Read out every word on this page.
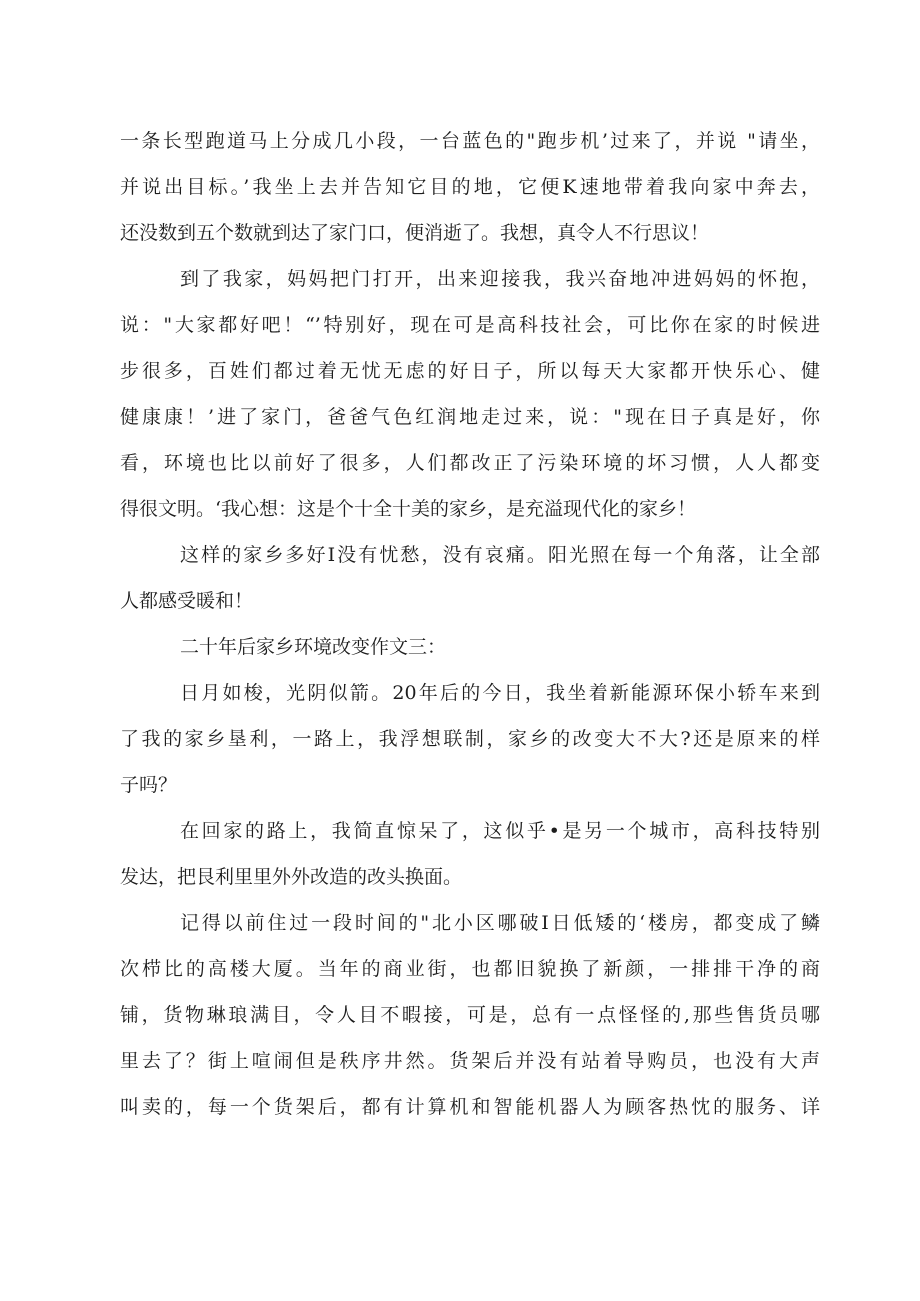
一条长型跑道马上分成几小段，一台蓝色的"跑步机’过来了，并说 "请坐，
并说出目标。’我坐上去并告知它目的地，它便K速地带着我向家中奔去，
还没数到五个数就到达了家门口，便消逝了。我想，真令人不行思议！
到了我家，妈妈把门打开，出来迎接我，我兴奋地冲进妈妈的怀抱，
说："大家都好吧！“’特别好，现在可是高科技社会，可比你在家的时候进
步很多，百姓们都过着无忧无虑的好日子，所以每天大家都开快乐心、健
健康康！’进了家门，爸爸气色红润地走过来，说："现在日子真是好，你
看，环境也比以前好了很多，人们都改正了污染环境的坏习惯，人人都变
得很文明。‘我心想：这是个十全十美的家乡，是充溢现代化的家乡！
这样的家乡多好I没有忧愁，没有哀痛。阳光照在每一个角落，让全部
人都感受暖和！
二十年后家乡环境改变作文三：
日月如梭，光阴似箭。20年后的今日，我坐着新能源环保小轿车来到
了我的家乡垦利，一路上，我浮想联制，家乡的改变大不大?还是原来的样
子吗？
在回家的路上，我简直惊呆了，这似乎•是另一个城市，高科技特别
发达，把艮利里里外外改造的改头换面。
记得以前住过一段时间的"北小区哪破I日低矮的‘楼房，都变成了鳞
次栉比的高楼大厦。当年的商业街，也都旧貌换了新颜，一排排干净的商
铺，货物琳琅满目，令人目不暇接，可是，总有一点怪怪的,那些售货员哪
里去了？街上喧闹但是秩序井然。货架后并没有站着导购员，也没有大声
叫卖的，每一个货架后，都有计算机和智能机器人为顾客热忱的服务、详
